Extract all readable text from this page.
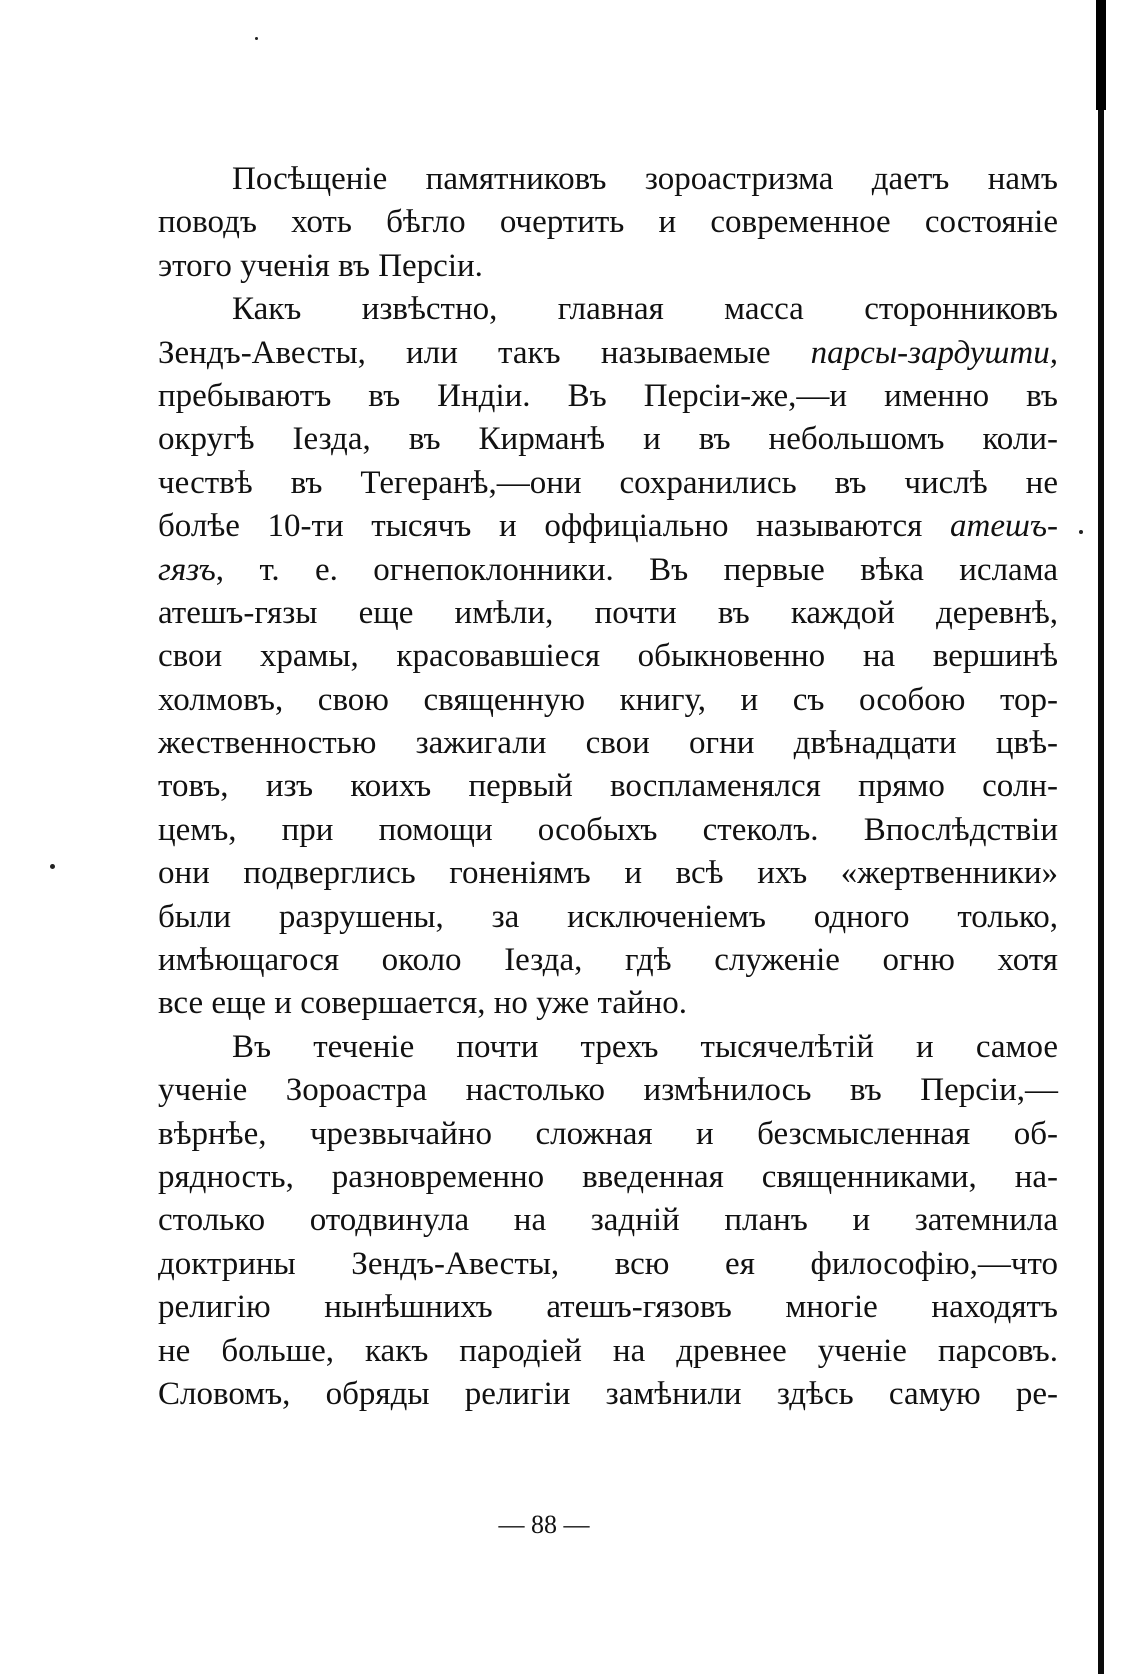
Посѣщеніе памятниковъ зороастризма даетъ намъ
поводъ хоть бѣгло очертить и современное состояніе
этого ученія въ Персіи.
Какъ извѣстно, главная масса сторонниковъ
Зендъ-Авесты, или такъ называемые парсы-зардушти,
пребываютъ въ Индіи. Въ Персіи-же,—и именно въ
округѣ Іезда, въ Кирманѣ и въ небольшомъ коли-
чествѣ въ Тегеранѣ,—они сохранились въ числѣ не
болѣе 10-ти тысячъ и оффиціально называются атешъ-
гязъ, т. е. огнепоклонники. Въ первые вѣка ислама
атешъ-гязы еще имѣли, почти въ каждой деревнѣ,
свои храмы, красовавшіеся обыкновенно на вершинѣ
холмовъ, свою священную книгу, и съ особою тор-
жественностью зажигали свои огни двѣнадцати цвѣ-
товъ, изъ коихъ первый воспламенялся прямо солн-
цемъ, при помощи особыхъ стеколъ. Впослѣдствіи
они подверглись гоненіямъ и всѣ ихъ «жертвенники»
были разрушены, за исключеніемъ одного только,
имѣющагося около Іезда, гдѣ служеніе огню хотя
все еще и совершается, но уже тайно.
Въ теченіе почти трехъ тысячелѣтій и самое
ученіе Зороастра настолько измѣнилось въ Персіи,—
вѣрнѣе, чрезвычайно сложная и безсмысленная об-
рядность, разновременно введенная священниками, на-
столько отодвинула на задній планъ и затемнила
доктрины Зендъ-Авесты, всю ея философію,—что
религію нынѣшнихъ атешъ-гязовъ многіе находятъ
не больше, какъ пародіей на древнее ученіе парсовъ.
Словомъ, обряды религіи замѣнили здѣсь самую ре-
— 88 —
